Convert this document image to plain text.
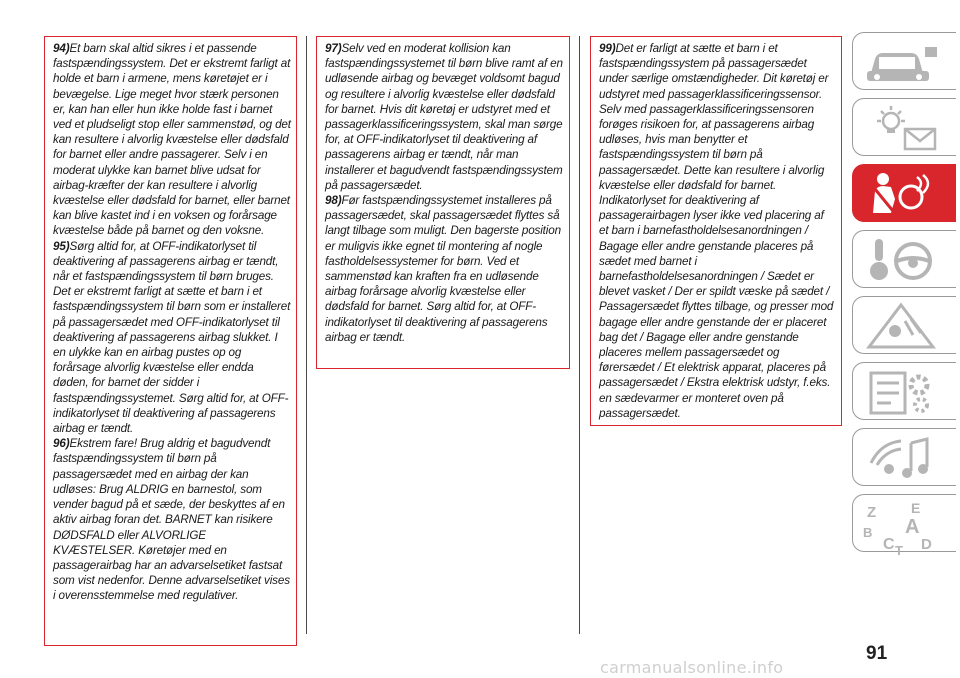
94)Et barn skal altid sikres i et passende fastspændingssystem. Det er ekstremt farligt at holde et barn i armene, mens køretøjet er i bevægelse. Lige meget hvor stærk personen er, kan han eller hun ikke holde fast i barnet ved et pludseligt stop eller sammenstød, og det kan resultere i alvorlig kvæstelse eller dødsfald for barnet eller andre passagerer. Selv i en moderat ulykke kan barnet blive udsat for airbag-kræfter der kan resultere i alvorlig kvæstelse eller dødsfald for barnet, eller barnet kan blive kastet ind i en voksen og forårsage kvæstelse både på barnet og den voksne.

95)Sørg altid for, at OFF-indikatorlyset til deaktivering af passagerens airbag er tændt, når et fastspændingssystem til børn bruges. Det er ekstremt farligt at sætte et barn i et fastspændingssystem til børn som er installeret på passagersædet med OFF-indikatorlyset til deaktivering af passagerens airbag slukket. I en ulykke kan en airbag pustes op og forårsage alvorlig kvæstelse eller endda døden, for barnet der sidder i fastspændingssystemet. Sørg altid for, at OFF-indikatorlyset til deaktivering af passagerens airbag er tændt.

96)Ekstrem fare! Brug aldrig et bagudvendt fastspændingssystem til børn på passagersædet med en airbag der kan udløses: Brug ALDRIG en barnestol, som vender bagud på et sæde, der beskyttes af en aktiv airbag foran det. BARNET kan risikere DØDSFALD eller ALVORLIGE KVÆSTELSER. Køretøjer med en passagerairbag har an advarselsetiket fastsat som vist nedenfor. Denne advarselsetiket vises i overensstemmelse med regulativer.

97)Selv ved en moderat kollision kan fastspændingssystemet til børn blive ramt af en udløsende airbag og bevæget voldsomt bagud og resultere i alvorlig kvæstelse eller dødsfald for barnet. Hvis dit køretøj er udstyret med et passagerklassificeringssystem, skal man sørge for, at OFF-indikatorlyset til deaktivering af passagerens airbag er tændt, når man installerer et bagudvendt fastspændingssystem på passagersædet.

98)Før fastspændingssystemet installeres på passagersædet, skal passagersædet flyttes så langt tilbage som muligt. Den bagerste position er muligvis ikke egnet til montering af nogle fastholdelsessystemer for børn. Ved et sammenstød kan kraften fra en udløsende airbag forårsage alvorlig kvæstelse eller dødsfald for barnet. Sørg altid for, at OFF-indikatorlyset til deaktivering af passagerens airbag er tændt.

99)Det er farligt at sætte et barn i et fastspændingssystem på passagersædet under særlige omstændigheder. Dit køretøj er udstyret med passagerklassificeringssensor. Selv med passagerklassificeringssensoren forøges risikoen for, at passagerens airbag udløses, hvis man benytter et fastspændingssystem til børn på passagersædet. Dette kan resultere i alvorlig kvæstelse eller dødsfald for barnet. Indikatorlyset for deaktivering af passagerairbagen lyser ikke ved placering af et barn i barnefastholdelsesanordningen / Bagage eller andre genstande placeres på sædet med barnet i barnefastholdelsesanordningen / Sædet er blevet vasket / Der er spildt væske på sædet / Passagersædet flyttes tilbage, og presser mod bagage eller andre genstande der er placeret bag det / Bagage eller andre genstande placeres mellem passagersædet og førersædet / Et elektrisk apparat, placeres på passagersædet / Ekstra elektrisk udstyr, f.eks. en sædevarmer er monteret oven på passagersædet.

Z E
A
B
C T D
91
carmanualsonline.info
